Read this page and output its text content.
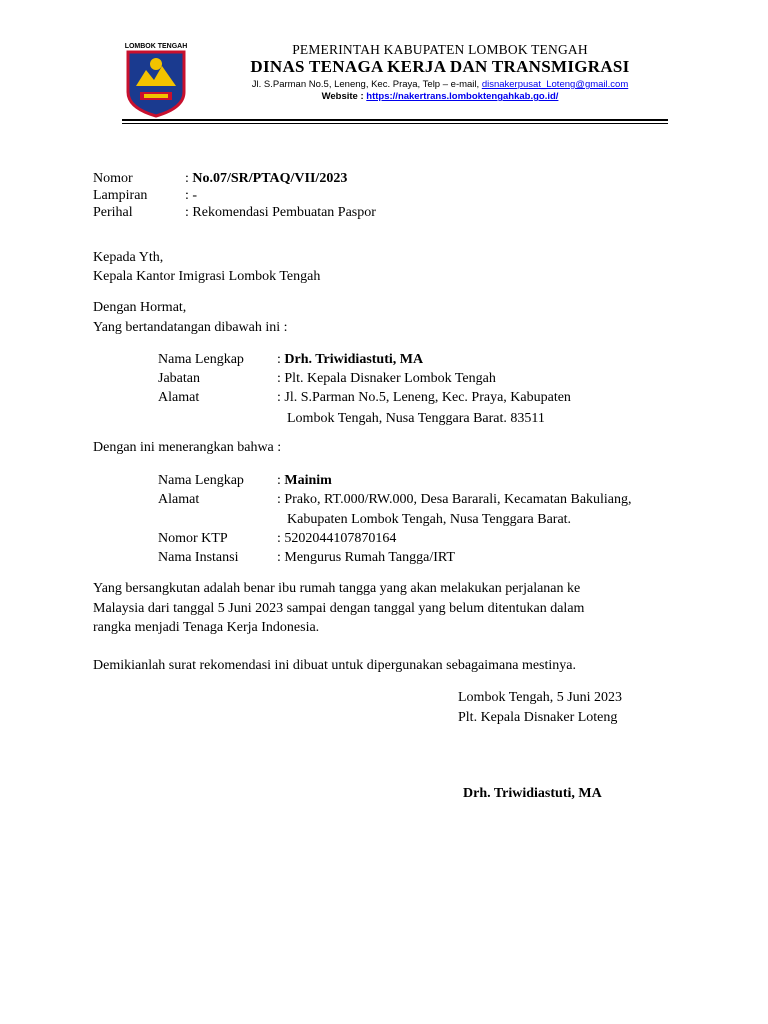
LOMBOK TENGAH	PEMERINTAH KABUPATEN LOMBOK TENGAH
DINAS TENAGA KERJA DAN TRANSMIGRASI
Jl. S.Parman No.5, Leneng, Kec. Praya, Telp – e-mail, disnakerpusat_Loteng@gmail.com
Website : https://nakertrans.lomboktengahkab.go.id/
Nomor	: No.07/SR/PTAQ/VII/2023
Lampiran	: -
Perihal	: Rekomendasi Pembuatan Paspor
Kepada Yth,
Kepala Kantor Imigrasi Lombok Tengah
Dengan Hormat,
Yang bertandatangan dibawah ini :
Nama Lengkap : Drh. Triwidiastuti, MA
Jabatan	: Plt. Kepala Disnaker Lombok Tengah
Alamat	: Jl. S.Parman No.5, Leneng, Kec. Praya, Kabupaten
Lombok Tengah, Nusa Tenggara Barat. 83511
Dengan ini menerangkan bahwa :
Nama Lengkap : Mainim
Alamat	: Prako, RT.000/RW.000, Desa Bararali, Kecamatan Bakuliang,
Kabupaten Lombok Tengah, Nusa Tenggara Barat.
Nomor KTP	: 5202044107870164
Nama Instansi	: Mengurus Rumah Tangga/IRT
Yang bersangkutan adalah benar ibu rumah tangga yang akan melakukan perjalanan ke
Malaysia dari tanggal 5 Juni 2023 sampai dengan tanggal yang belum ditentukan dalam
rangka menjadi Tenaga Kerja Indonesia.
Demikianlah surat rekomendasi ini dibuat untuk dipergunakan sebagaimana mestinya.
Lombok Tengah, 5 Juni 2023
Plt. Kepala Disnaker Loteng
Drh. Triwidiastuti, MA
